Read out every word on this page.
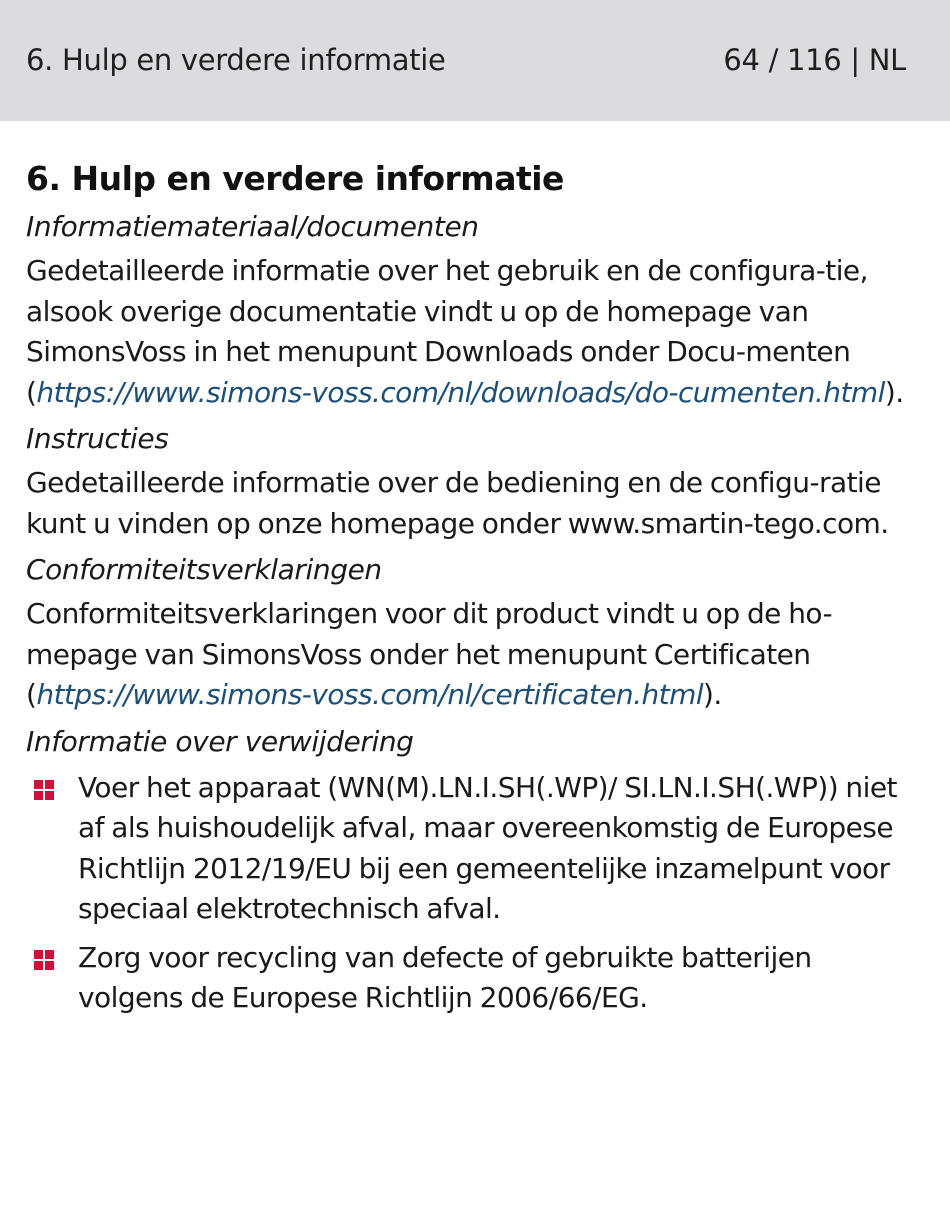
6. Hulp en verdere informatie	64 / 116 | NL
6. Hulp en verdere informatie

Informatiemateriaal/documenten

Gedetailleerde informatie over het gebruik en de configura-tie, alsook overige documentatie vindt u op de homepage van SimonsVoss in het menupunt Downloads onder Docu-menten (https://www.simons-voss.com/nl/downloads/do-cumenten.html).

Instructies

Gedetailleerde informatie over de bediening en de configu-ratie kunt u vinden op onze homepage onder www.smartin-tego.com.

Conformiteitsverklaringen

Conformiteitsverklaringen voor dit product vindt u op de ho-mepage van SimonsVoss onder het menupunt Certificaten (https://www.simons-voss.com/nl/certificaten.html).

Informatie over verwijdering

Voer het apparaat (WN(M).LN.I.SH(.WP)/ SI.LN.I.SH(.WP)) niet af als huishoudelijk afval, maar overeenkomstig de Europese Richtlijn 2012/19/EU bij een gemeentelijke inzamelpunt voor speciaal elektrotechnisch afval.
Zorg voor recycling van defecte of gebruikte batterijen volgens de Europese Richtlijn 2006/66/EG.
